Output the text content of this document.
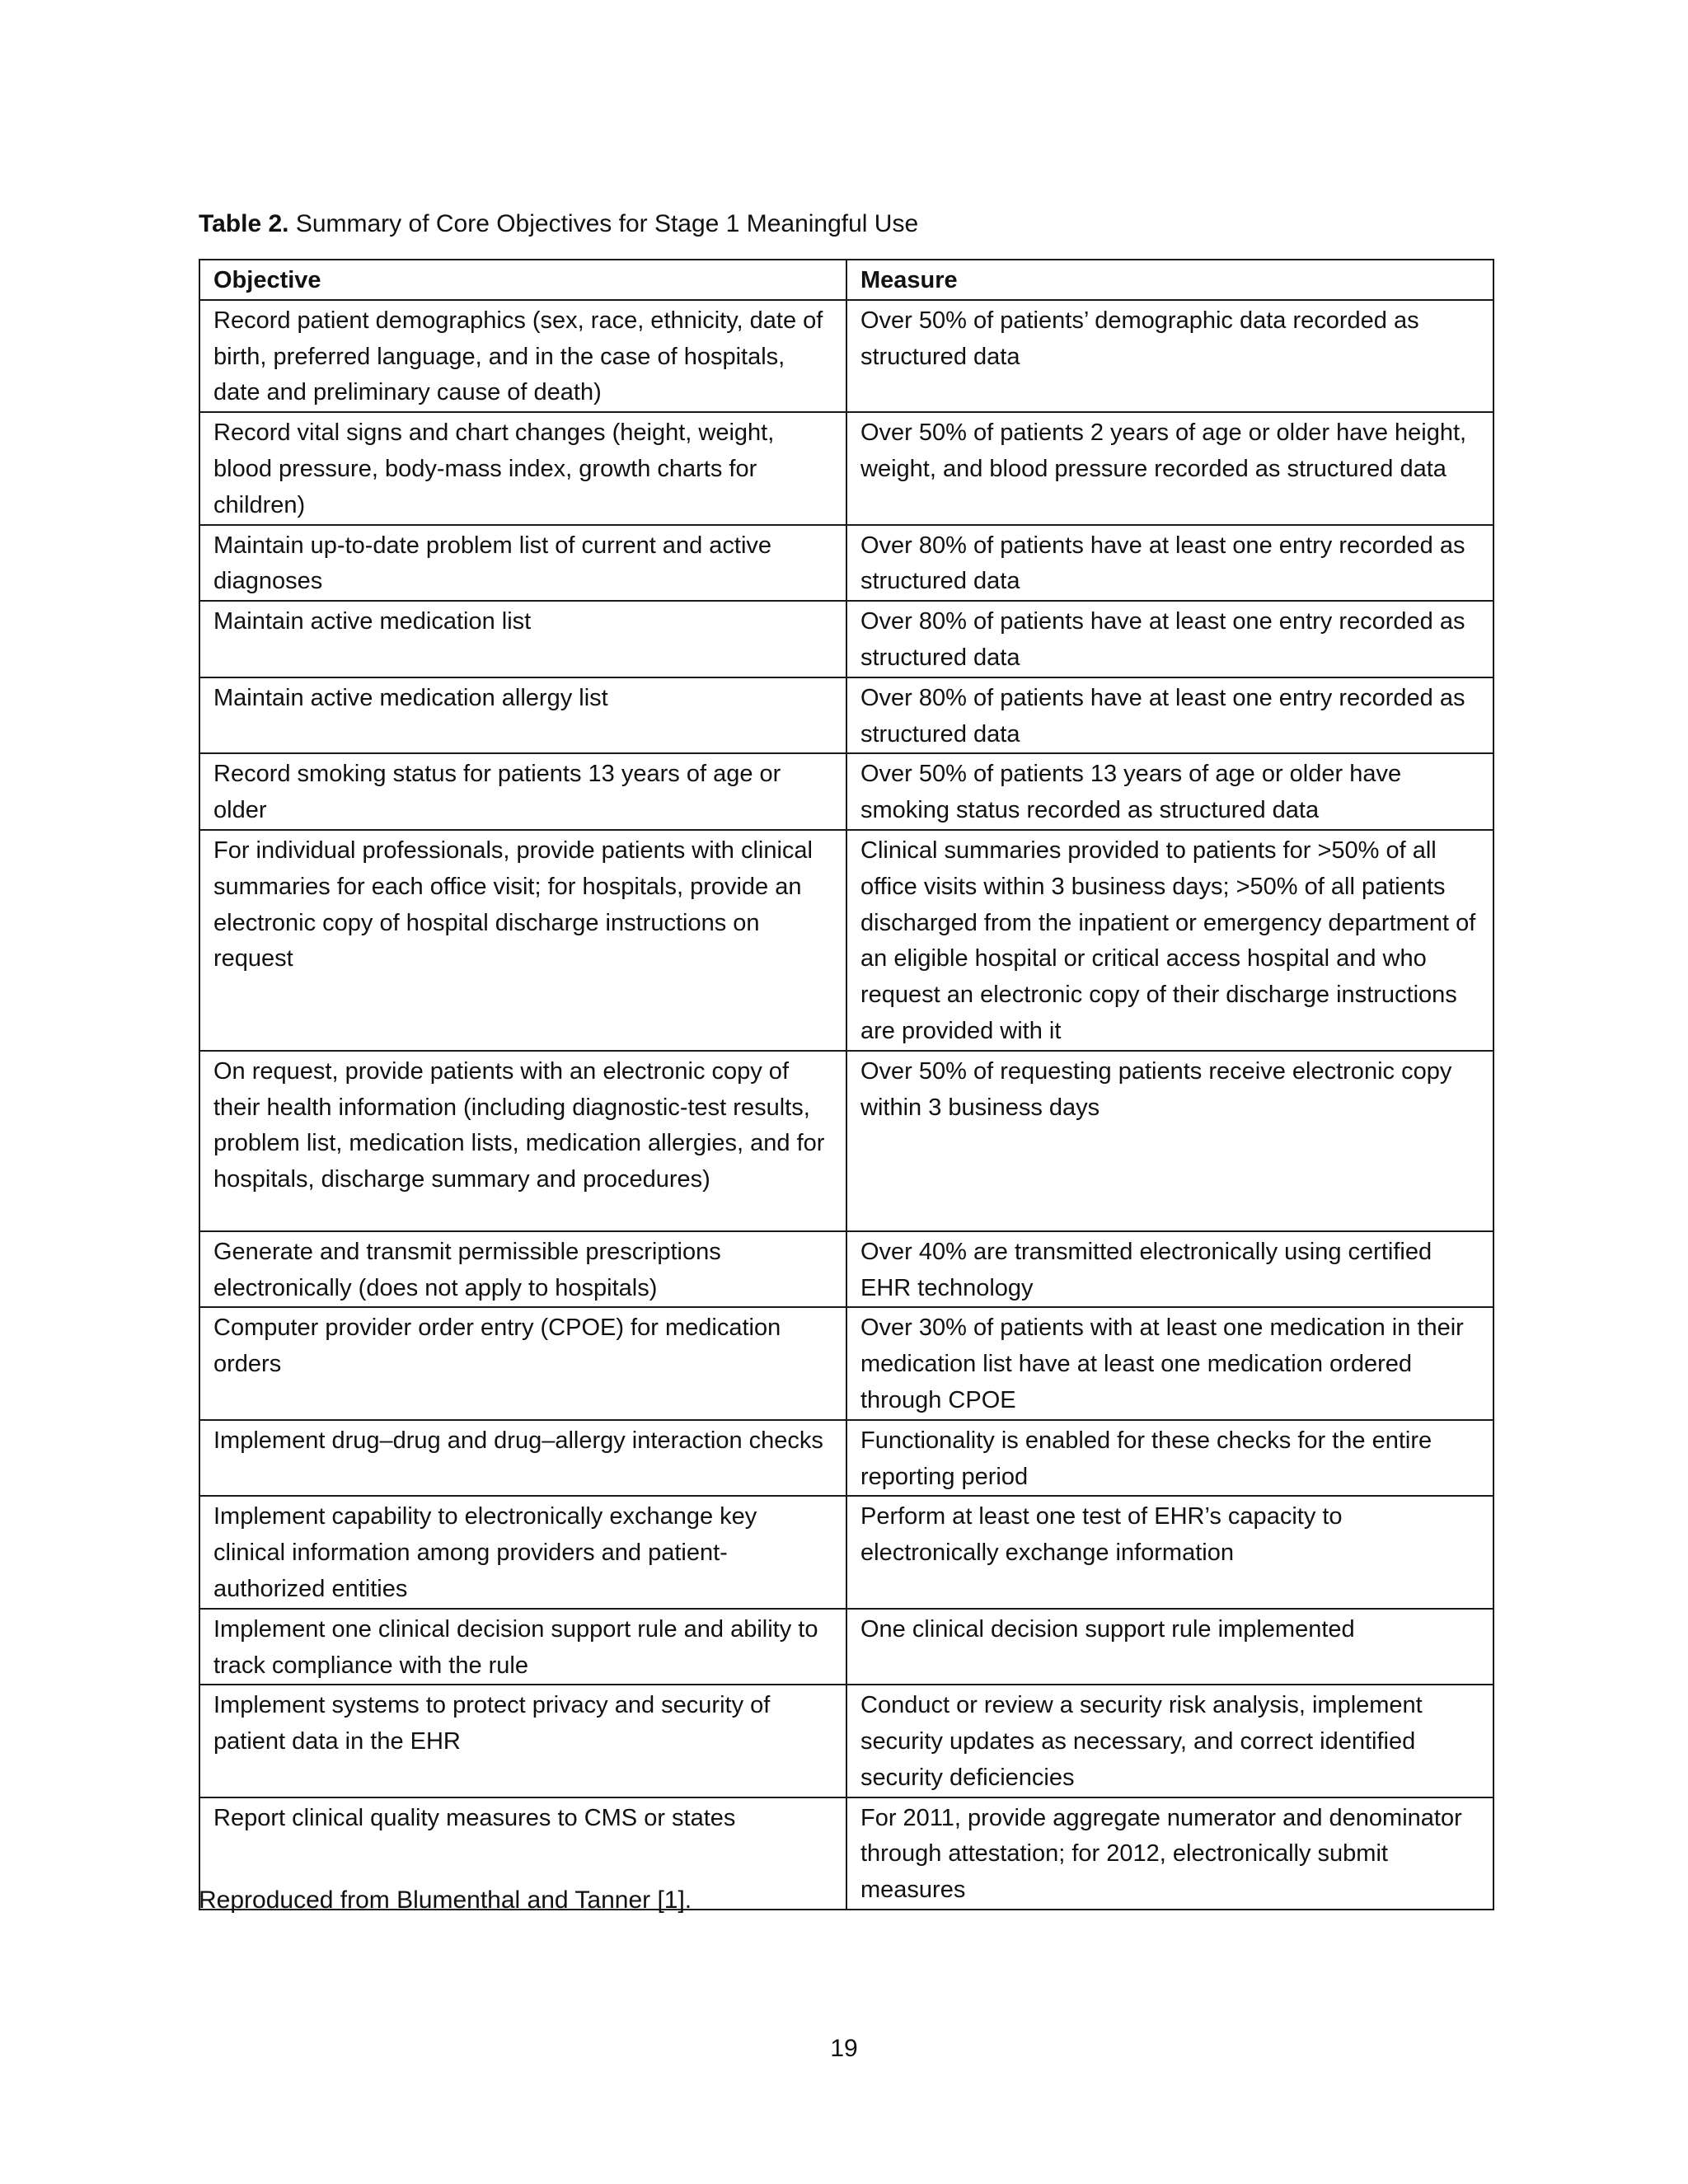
Table 2. Summary of Core Objectives for Stage 1 Meaningful Use
Objective	Measure
Record patient demographics (sex, race, ethnicity, date of birth, preferred language, and in the case of hospitals, date and preliminary cause of death)	Over 50% of patients’ demographic data recorded as structured data
Record vital signs and chart changes (height, weight, blood pressure, body-mass index, growth charts for children)	Over 50% of patients 2 years of age or older have height, weight, and blood pressure recorded as structured data
Maintain up-to-date problem list of current and active diagnoses	Over 80% of patients have at least one entry recorded as structured data
Maintain active medication list	Over 80% of patients have at least one entry recorded as structured data
Maintain active medication allergy list	Over 80% of patients have at least one entry recorded as structured data
Record smoking status for patients 13 years of age or older	Over 50% of patients 13 years of age or older have smoking status recorded as structured data
For individual professionals, provide patients with clinical summaries for each office visit; for hospitals, provide an electronic copy of hospital discharge instructions on request	Clinical summaries provided to patients for >50% of all office visits within 3 business days; >50% of all patients discharged from the inpatient or emergency department of an eligible hospital or critical access hospital and who request an electronic copy of their discharge instructions are provided with it
On request, provide patients with an electronic copy of their health information (including diagnostic-test results, problem list, medication lists, medication allergies, and for hospitals, discharge summary and procedures)	Over 50% of requesting patients receive electronic copy within 3 business days
Generate and transmit permissible prescriptions electronically (does not apply to hospitals)	Over 40% are transmitted electronically using certified EHR technology
Computer provider order entry (CPOE) for medication orders	Over 30% of patients with at least one medication in their medication list have at least one medication ordered through CPOE
Implement drug–drug and drug–allergy interaction checks	Functionality is enabled for these checks for the entire reporting period
Implement capability to electronically exchange key clinical information among providers and patient-authorized entities	Perform at least one test of EHR’s capacity to electronically exchange information
Implement one clinical decision support rule and ability to track compliance with the rule	One clinical decision support rule implemented
Implement systems to protect privacy and security of patient data in the EHR	Conduct or review a security risk analysis, implement security updates as necessary, and correct identified security deficiencies
Report clinical quality measures to CMS or states	For 2011, provide aggregate numerator and denominator through attestation; for 2012, electronically submit measures
Reproduced from Blumenthal and Tanner [1].
19
